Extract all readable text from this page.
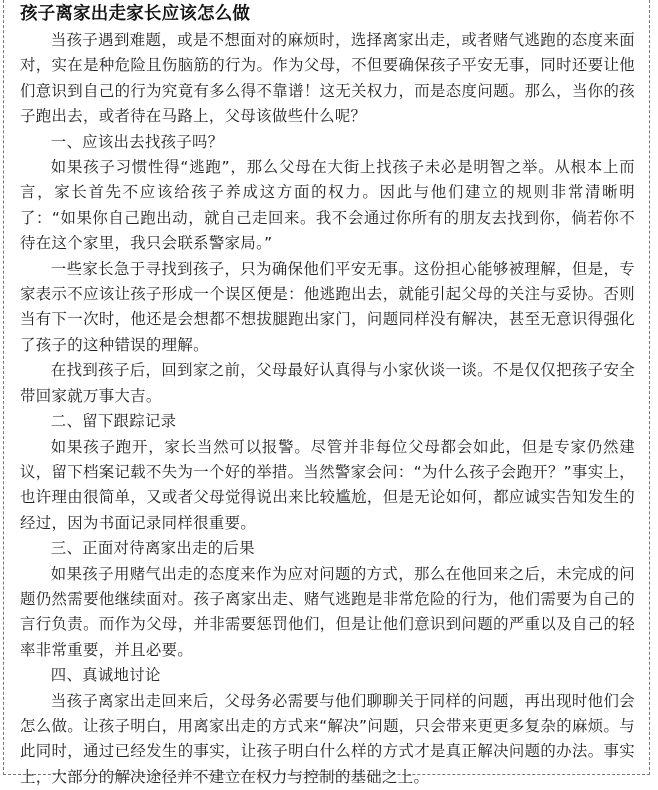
孩子离家出走家长应该怎么做

当孩子遇到难题，或是不想面对的麻烦时，选择离家出走，或者赌气逃跑的态度来面对，实在是种危险且伤脑筋的行为。作为父母，不但要确保孩子平安无事，同时还要让他们意识到自己的行为究竟有多么得不靠谱！这无关权力，而是态度问题。那么，当你的孩子跑出去，或者待在马路上，父母该做些什么呢？

一、应该出去找孩子吗？

如果孩子习惯性得“逃跑”，那么父母在大街上找孩子未必是明智之举。从根本上而言，家长首先不应该给孩子养成这方面的权力。因此与他们建立的规则非常清晰明了：“如果你自己跑出动，就自己走回来。我不会通过你所有的朋友去找到你，倘若你不待在这个家里，我只会联系警家局。”

一些家长急于寻找到孩子，只为确保他们平安无事。这份担心能够被理解，但是，专家表示不应该让孩子形成一个误区便是：他逃跑出去，就能引起父母的关注与妥协。否则当有下一次时，他还是会想都不想拔腿跑出家门，问题同样没有解决，甚至无意识得强化了孩子的这种错误的理解。

在找到孩子后，回到家之前，父母最好认真得与小家伙谈一谈。不是仅仅把孩子安全带回家就万事大吉。

二、留下跟踪记录

如果孩子跑开，家长当然可以报警。尽管并非每位父母都会如此，但是专家仍然建议，留下档案记载不失为一个好的举措。当然警家会问：“为什么孩子会跑开？”事实上，也许理由很简单，又或者父母觉得说出来比较尴尬，但是无论如何，都应诚实告知发生的经过，因为书面记录同样很重要。

三、正面对待离家出走的后果

如果孩子用赌气出走的态度来作为应对问题的方式，那么在他回来之后，未完成的问题仍然需要他继续面对。孩子离家出走、赌气逃跑是非常危险的行为，他们需要为自己的言行负责。而作为父母，并非需要惩罚他们，但是让他们意识到问题的严重以及自己的轻率非常重要，并且必要。

四、真诚地讨论

当孩子离家出走回来后，父母务必需要与他们聊聊关于同样的问题，再出现时他们会怎么做。让孩子明白，用离家出走的方式来“解决”问题，只会带来更更多复杂的麻烦。与此同时，通过已经发生的事实，让孩子明白什么样的方式才是真正解决问题的办法。事实上，大部分的解决途径并不建立在权力与控制的基础之上。
